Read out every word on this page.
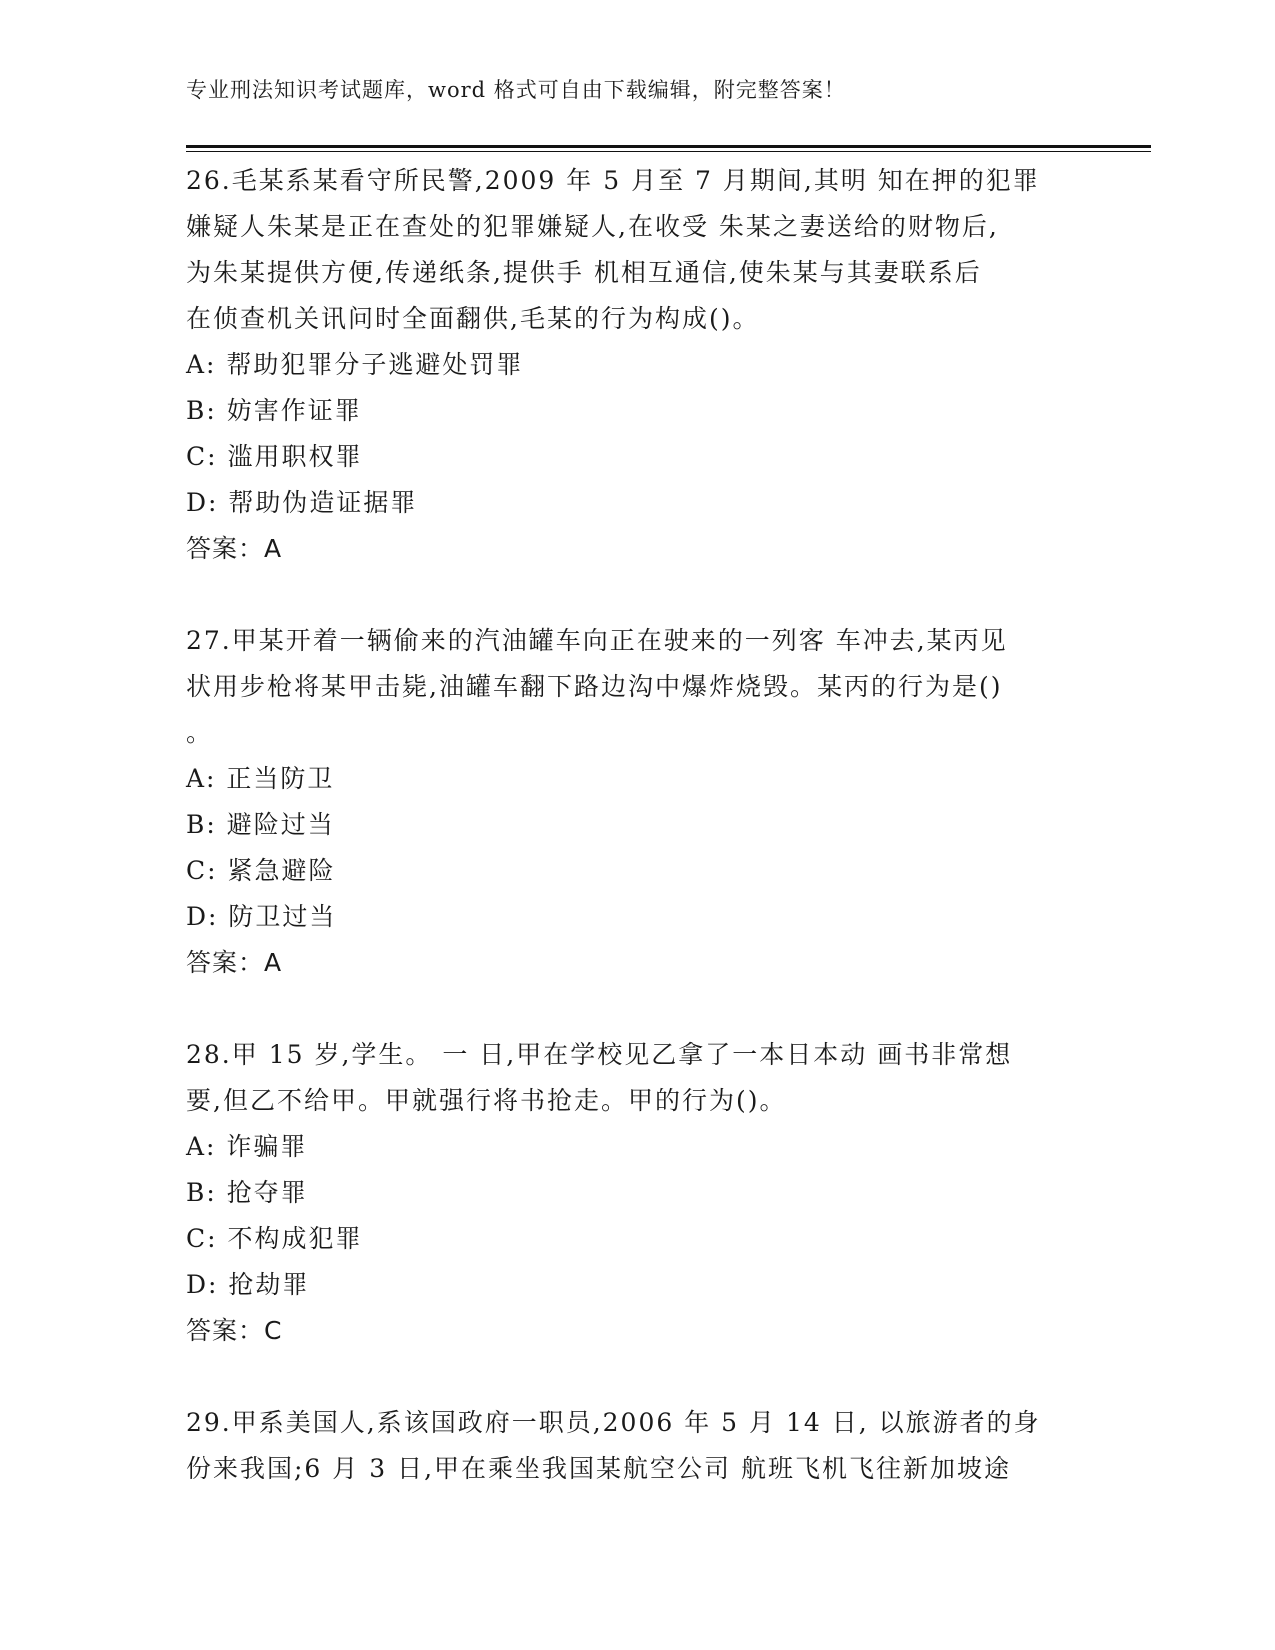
专业刑法知识考试题库，word 格式可自由下载编辑，附完整答案！

26.毛某系某看守所民警,2009 年 5 月至 7 月期间,其明 知在押的犯罪
嫌疑人朱某是正在查处的犯罪嫌疑人,在收受 朱某之妻送给的财物后,
为朱某提供方便,传递纸条,提供手 机相互通信,使朱某与其妻联系后
在侦查机关讯问时全面翻供,毛某的行为构成()。

A: 帮助犯罪分子逃避处罚罪

B: 妨害作证罪

C: 滥用职权罪

D: 帮助伪造证据罪

答案：A

27.甲某开着一辆偷来的汽油罐车向正在驶来的一列客 车冲去,某丙见
状用步枪将某甲击毙,油罐车翻下路边沟中爆炸烧毁。某丙的行为是()
。

A: 正当防卫

B: 避险过当

C: 紧急避险

D: 防卫过当

答案：A

28.甲 15 岁,学生。 一 日,甲在学校见乙拿了一本日本动 画书非常想
要,但乙不给甲。甲就强行将书抢走。甲的行为()。

A: 诈骗罪

B: 抢夺罪

C: 不构成犯罪

D: 抢劫罪

答案：C

29.甲系美国人,系该国政府一职员,2006 年 5 月 14 日, 以旅游者的身
份来我国;6 月 3 日,甲在乘坐我国某航空公司 航班飞机飞往新加坡途
